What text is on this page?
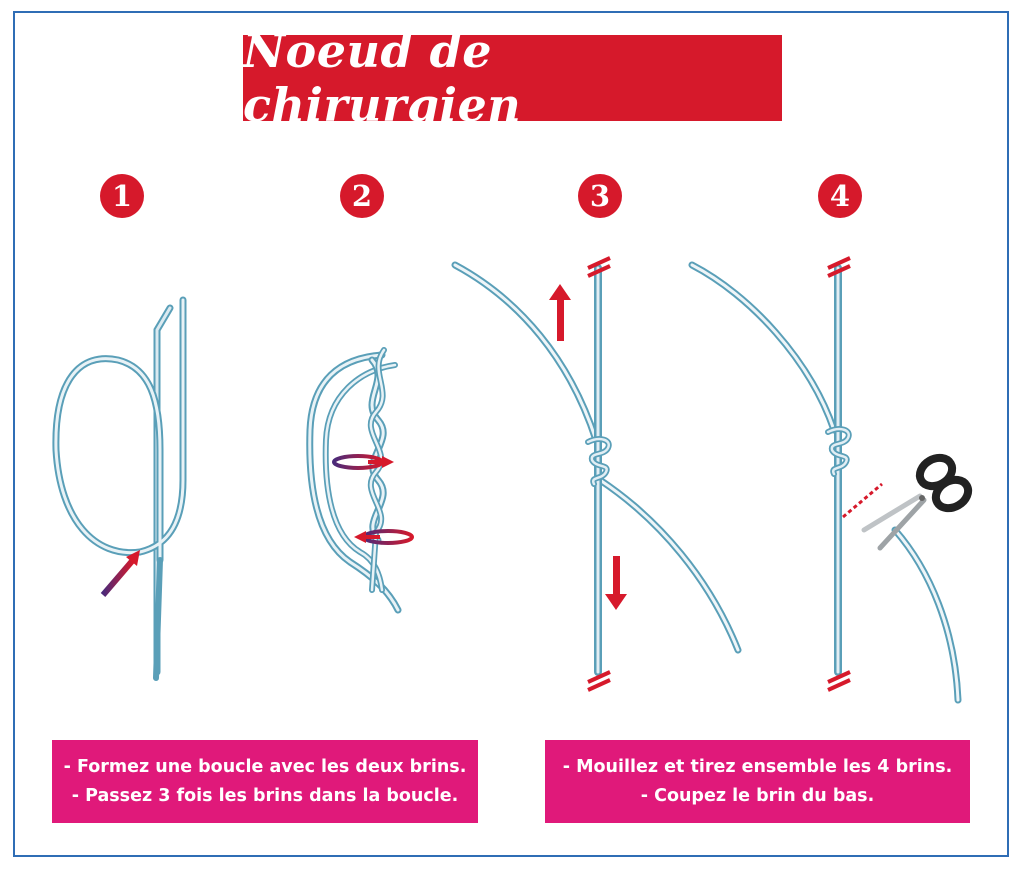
Noeud de chirurgien
1	2	3	4
- Formez une boucle avec les deux brins.
- Passez 3 fois les brins dans la boucle.
- Mouillez et tirez ensemble les 4 brins.
- Coupez le brin du bas.
